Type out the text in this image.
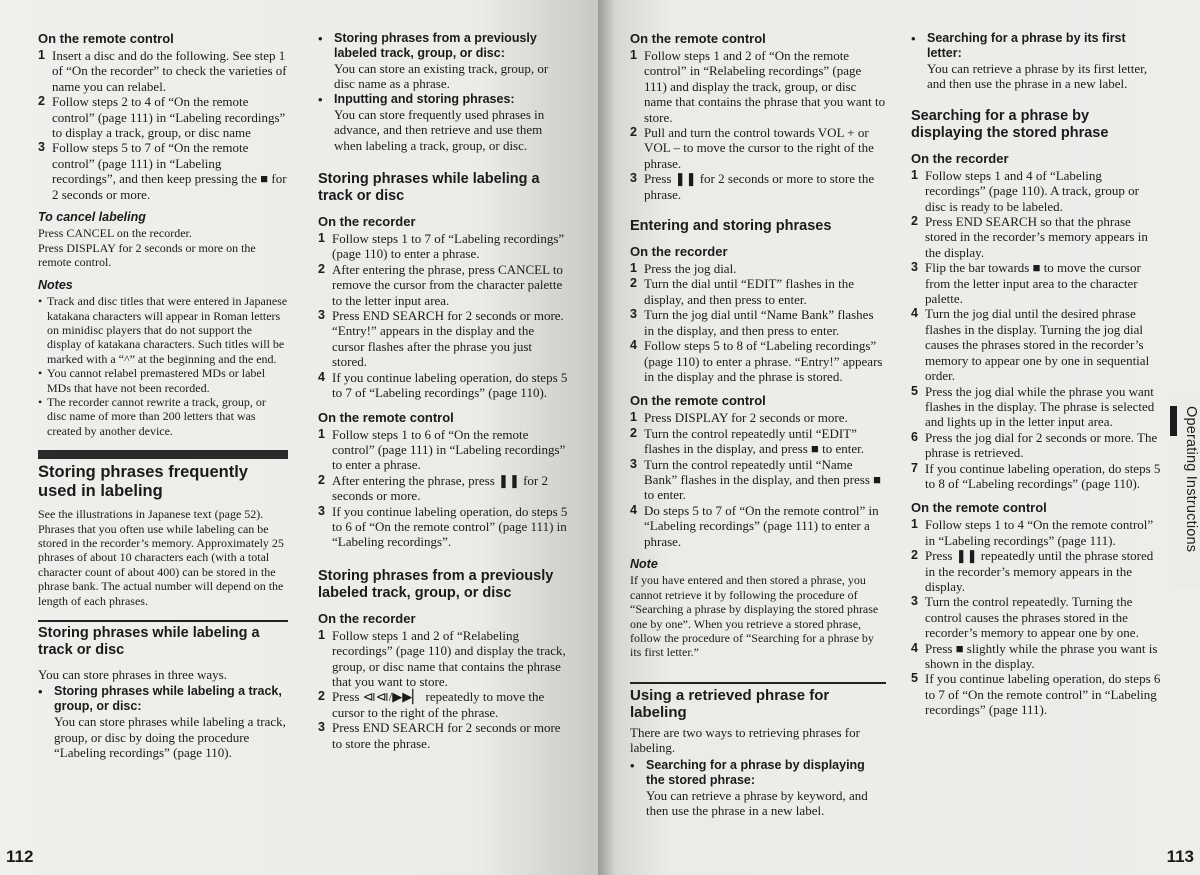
On the remote control
1 Insert a disc and do the following. See step 1 of “On the recorder” to check the varieties of name you can relabel.
2 Follow steps 2 to 4 of “On the remote control” (page 111) in “Labeling recordings” to display a track, group, or disc name
3 Follow steps 5 to 7 of “On the remote control” (page 111) in “Labeling recordings”, and then keep pressing the ■ for 2 seconds or more.
To cancel labeling

Press CANCEL on the recorder.

Press DISPLAY for 2 seconds or more on the remote control.

Notes
• Track and disc titles that were entered in Japanese katakana characters will appear in Roman letters on minidisc players that do not support the display of katakana characters. Such titles will be marked with a “^” at the beginning and the end.
• You cannot relabel premastered MDs or label MDs that have not been recorded.
• The recorder cannot rewrite a track, group, or disc name of more than 200 letters that was created by another device.
Storing phrases frequently used in labeling

See the illustrations in Japanese text (page 52). Phrases that you often use while labeling can be stored in the recorder’s memory. Approximately 25 phrases of about 10 characters each (with a total character count of about 400) can be stored in the phrase bank. The actual number will depend on the length of each phrases.

Storing phrases while labeling a track or disc

You can store phrases in three ways.

• Storing phrases while labeling a track, group, or disc:
You can store phrases while labeling a track, group, or disc by doing the procedure “Labeling recordings” (page 110).
• Storing phrases from a previously labeled track, group, or disc:
You can store an existing track, group, or disc name as a phrase.
• Inputting and storing phrases:
You can store frequently used phrases in advance, and then retrieve and use them when labeling a track, group, or disc.
Storing phrases while labeling a track or disc
On the recorder
1 Follow steps 1 to 7 of “Labeling recordings” (page 110) to enter a phrase.
2 After entering the phrase, press CANCEL to remove the cursor from the character palette to the letter input area.
3 Press END SEARCH for 2 seconds or more. “Entry!” appears in the display and the cursor flashes after the phrase you just stored.
4 If you continue labeling operation, do steps 5 to 7 of “Labeling recordings” (page 110).
On the remote control
1 Follow steps 1 to 6 of “On the remote control” (page 111) in “Labeling recordings” to enter a phrase.
2 After entering the phrase, press ❚❚ for 2 seconds or more.
3 If you continue labeling operation, do steps 5 to 6 of “On the remote control” (page 111) in “Labeling recordings”.
Storing phrases from a previously labeled track, group, or disc
On the recorder
1 Follow steps 1 and 2 of “Relabeling recordings” (page 110) and display the track, group, or disc name that contains the phrase that you want to store.
2 Press ⧏⧏/▶▶▏ repeatedly to move the cursor to the right of the phrase.
3 Press END SEARCH for 2 seconds or more to store the phrase.
112
On the remote control
1 Follow steps 1 and 2 of “On the remote control” in “Relabeling recordings” (page 111) and display the track, group, or disc name that contains the phrase that you want to store.
2 Pull and turn the control towards VOL + or VOL – to move the cursor to the right of the phrase.
3 Press ❚❚ for 2 seconds or more to store the phrase.
Entering and storing phrases
On the recorder
1 Press the jog dial.
2 Turn the dial until “EDIT” flashes in the display, and then press to enter.
3 Turn the jog dial until “Name Bank” flashes in the display, and then press to enter.
4 Follow steps 5 to 8 of “Labeling recordings” (page 110) to enter a phrase. “Entry!” appears in the display and the phrase is stored.
On the remote control
1 Press DISPLAY for 2 seconds or more.
2 Turn the control repeatedly until “EDIT” flashes in the display, and press ■ to enter.
3 Turn the control repeatedly until “Name Bank” flashes in the display, and then press ■ to enter.
4 Do steps 5 to 7 of “On the remote control” in “Labeling recordings” (page 111) to enter a phrase.
Note

If you have entered and then stored a phrase, you cannot retrieve it by following the procedure of “Searching a phrase by displaying the stored phrase one by one”. When you retrieve a stored phrase, follow the procedure of “Searching for a phrase by its first letter.”

Using a retrieved phrase for labeling

There are two ways to retrieving phrases for labeling.

• Searching for a phrase by displaying the stored phrase:
You can retrieve a phrase by keyword, and then use the phrase in a new label.
• Searching for a phrase by its first letter:
You can retrieve a phrase by its first letter, and then use the phrase in a new label.
Searching for a phrase by displaying the stored phrase
On the recorder
1 Follow steps 1 and 4 of “Labeling recordings” (page 110). A track, group or disc is ready to be labeled.
2 Press END SEARCH so that the phrase stored in the recorder’s memory appears in the display.
3 Flip the bar towards ■ to move the cursor from the letter input area to the character palette.
4 Turn the jog dial until the desired phrase flashes in the display. Turning the jog dial causes the phrases stored in the recorder’s memory to appear one by one in sequential order.
5 Press the jog dial while the phrase you want flashes in the display. The phrase is selected and lights up in the letter input area.
6 Press the jog dial for 2 seconds or more. The phrase is retrieved.
7 If you continue labeling operation, do steps 5 to 8 of “Labeling recordings” (page 110).
On the remote control
1 Follow steps 1 to 4 “On the remote control” in “Labeling recordings” (page 111).
2 Press ❚❚ repeatedly until the phrase stored in the recorder’s memory appears in the display.
3 Turn the control repeatedly. Turning the control causes the phrases stored in the recorder’s memory to appear one by one.
4 Press ■ slightly while the phrase you want is shown in the display.
5 If you continue labeling operation, do steps 6 to 7 of “On the remote control” in “Labeling recordings” (page 111).
Operating Instructions
113
